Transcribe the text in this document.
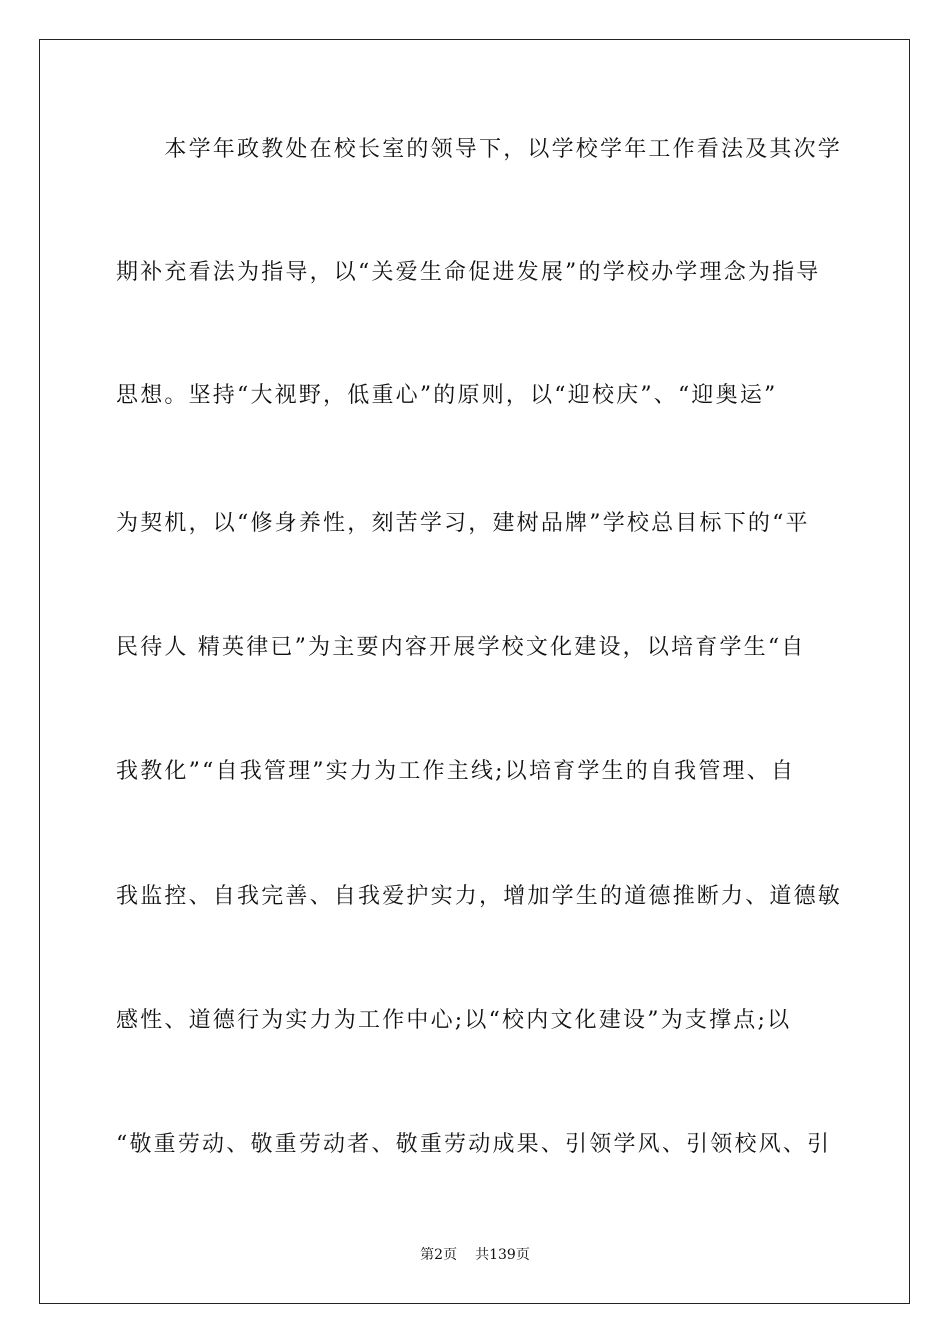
　　本学年政教处在校长室的领导下，以学校学年工作看法及其次学
期补充看法为指导，以“关爱生命促进发展”的学校办学理念为指导
思想。坚持“大视野，低重心”的原则，以“迎校庆”、“迎奥运”
为契机，以“修身养性，刻苦学习，建树品牌”学校总目标下的“平
民待人 精英律已”为主要内容开展学校文化建设，以培育学生“自
我教化”“自我管理”实力为工作主线;以培育学生的自我管理、自
我监控、自我完善、自我爱护实力，增加学生的道德推断力、道德敏
感性、道德行为实力为工作中心;以“校内文化建设”为支撑点;以
“敬重劳动、敬重劳动者、敬重劳动成果、引领学风、引领校风、引
第2页 共139页
